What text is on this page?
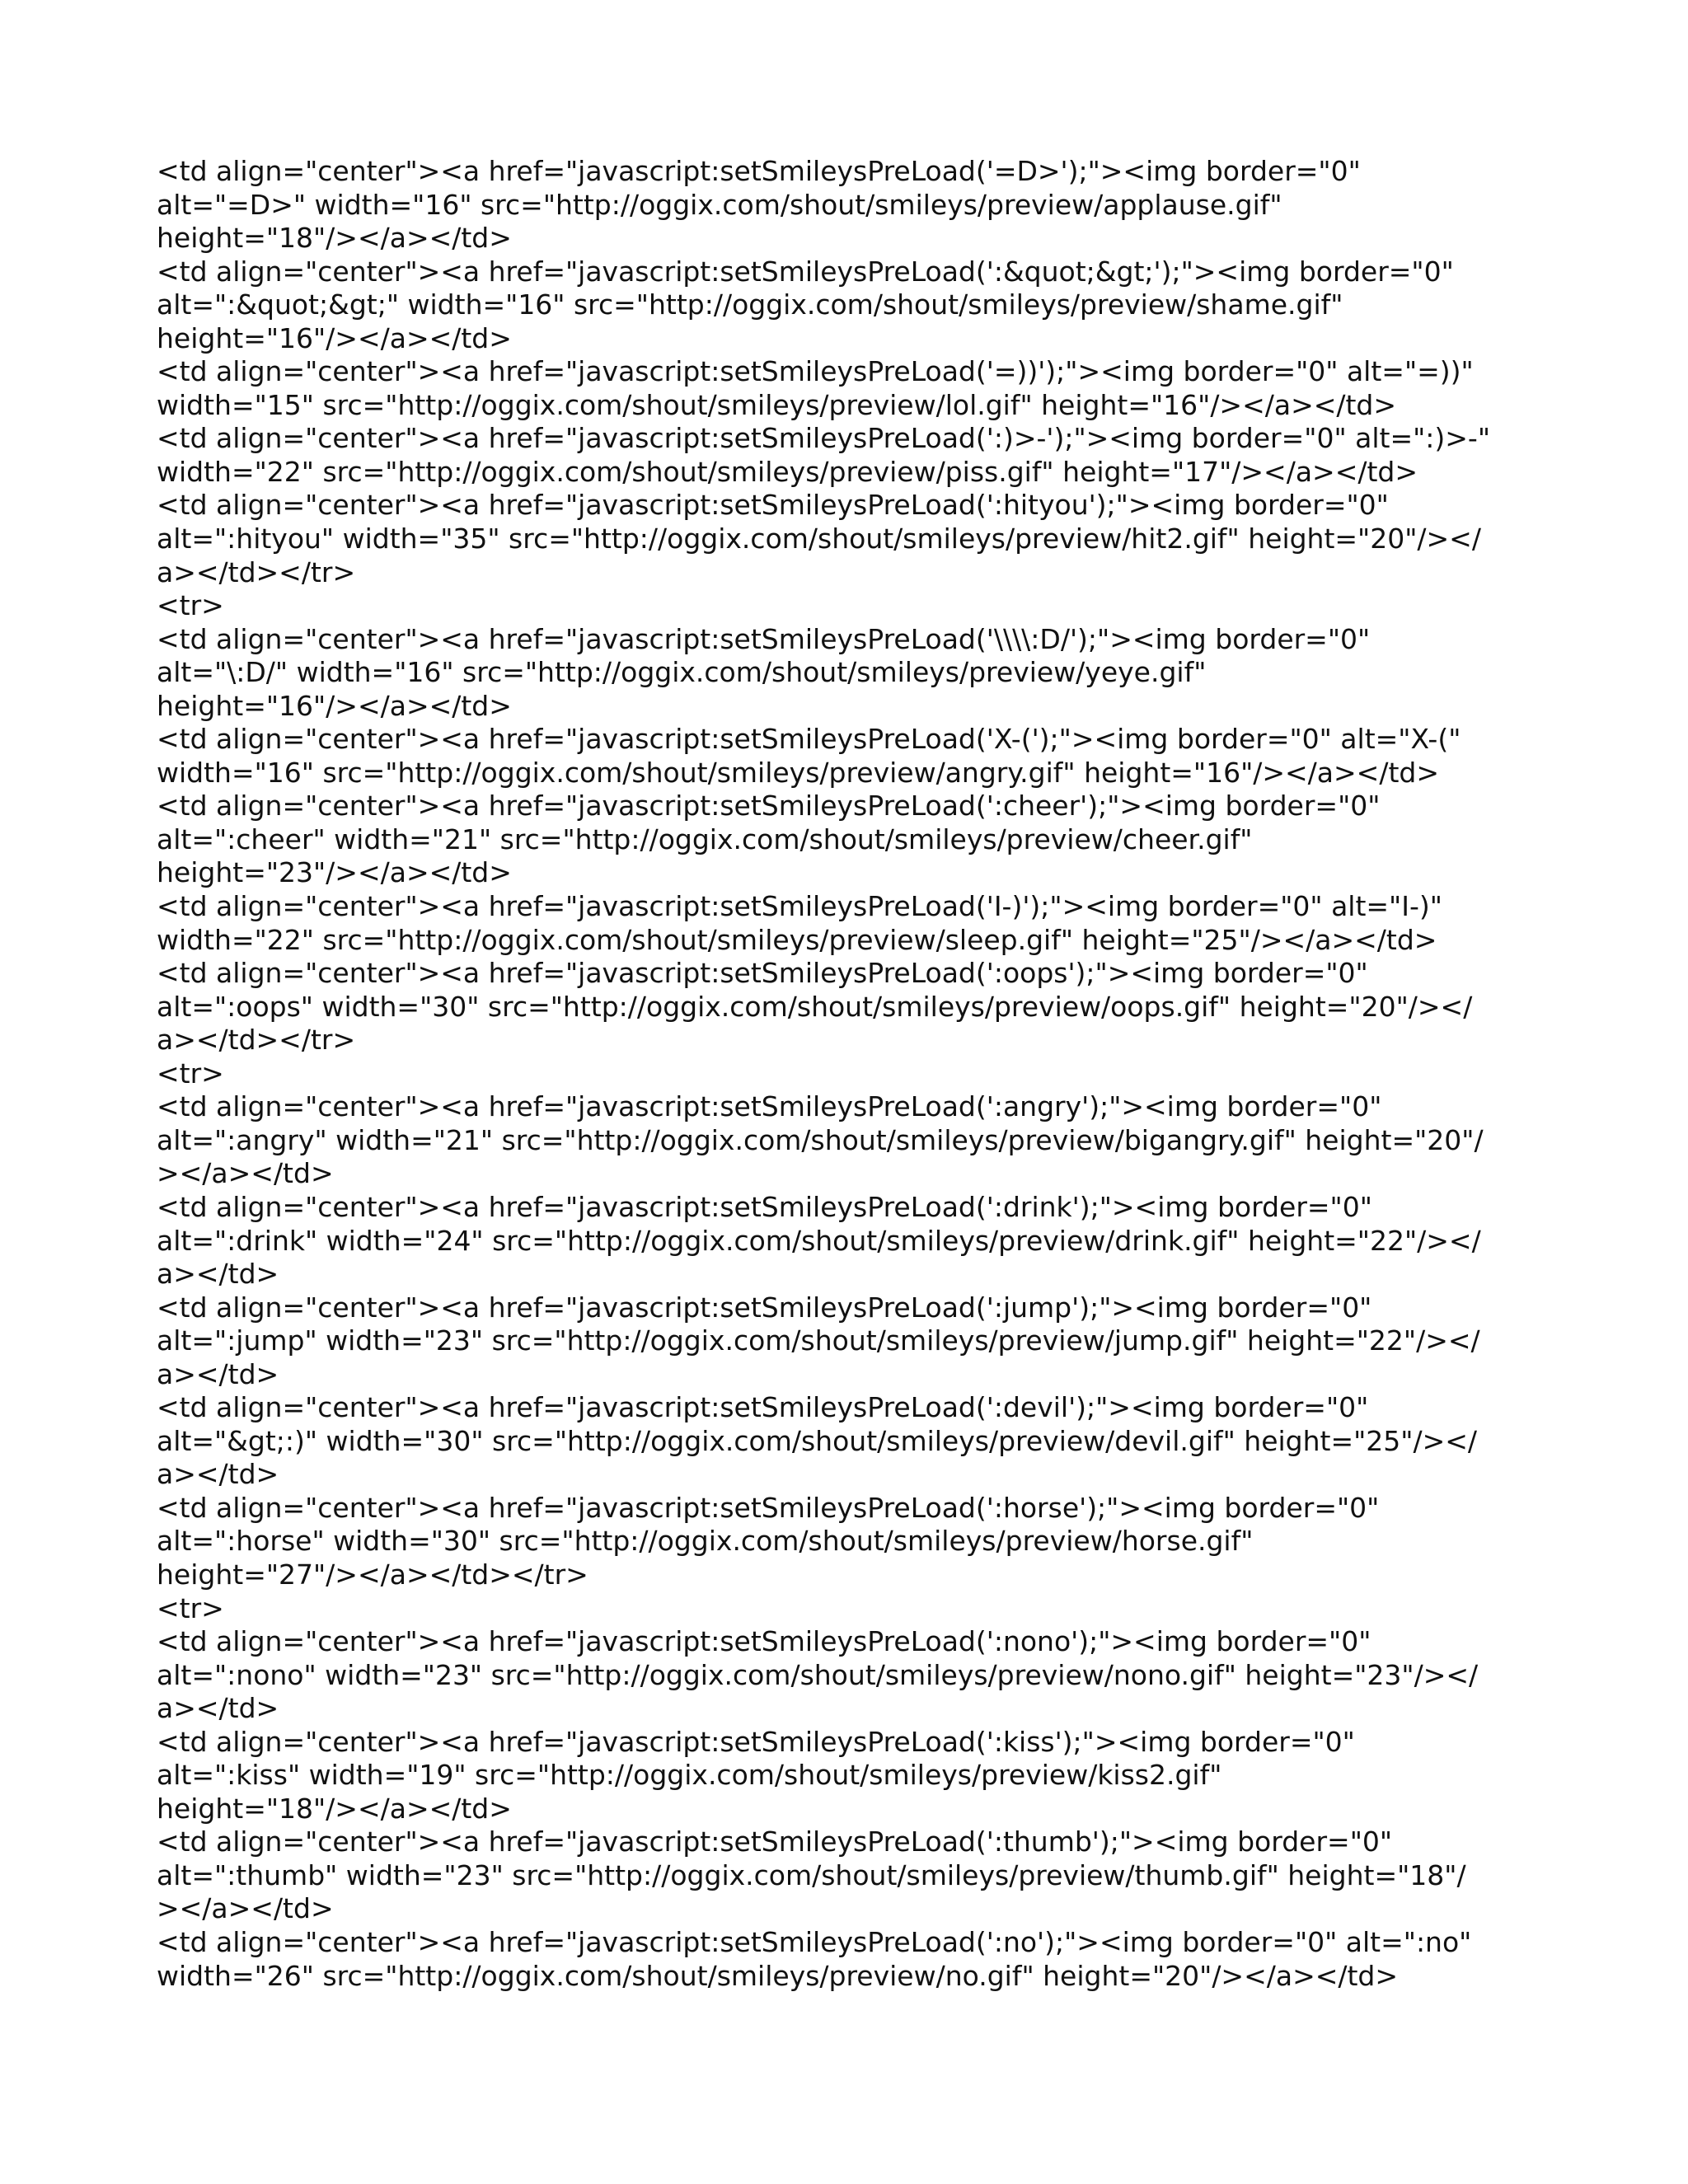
<td align="center"><a href="javascript:setSmileysPreLoad('=D>');"><img border="0"
alt="=D>" width="16" src="http://oggix.com/shout/smileys/preview/applause.gif"
height="18"/></a></td>
<td align="center"><a href="javascript:setSmileysPreLoad(':&quot;&gt;');"><img border="0"
alt=":&quot;&gt;" width="16" src="http://oggix.com/shout/smileys/preview/shame.gif"
height="16"/></a></td>
<td align="center"><a href="javascript:setSmileysPreLoad('=))');"><img border="0" alt="=))"
width="15" src="http://oggix.com/shout/smileys/preview/lol.gif" height="16"/></a></td>
<td align="center"><a href="javascript:setSmileysPreLoad(':)>-');"><img border="0" alt=":)>-"
width="22" src="http://oggix.com/shout/smileys/preview/piss.gif" height="17"/></a></td>
<td align="center"><a href="javascript:setSmileysPreLoad(':hityou');"><img border="0"
alt=":hityou" width="35" src="http://oggix.com/shout/smileys/preview/hit2.gif" height="20"/></
a></td></tr>
<tr>
<td align="center"><a href="javascript:setSmileysPreLoad('\\\\:D/');"><img border="0"
alt="\:D/" width="16" src="http://oggix.com/shout/smileys/preview/yeye.gif"
height="16"/></a></td>
<td align="center"><a href="javascript:setSmileysPreLoad('X-(');"><img border="0" alt="X-("
width="16" src="http://oggix.com/shout/smileys/preview/angry.gif" height="16"/></a></td>
<td align="center"><a href="javascript:setSmileysPreLoad(':cheer');"><img border="0"
alt=":cheer" width="21" src="http://oggix.com/shout/smileys/preview/cheer.gif"
height="23"/></a></td>
<td align="center"><a href="javascript:setSmileysPreLoad('I-)');"><img border="0" alt="I-)"
width="22" src="http://oggix.com/shout/smileys/preview/sleep.gif" height="25"/></a></td>
<td align="center"><a href="javascript:setSmileysPreLoad(':oops');"><img border="0"
alt=":oops" width="30" src="http://oggix.com/shout/smileys/preview/oops.gif" height="20"/></
a></td></tr>
<tr>
<td align="center"><a href="javascript:setSmileysPreLoad(':angry');"><img border="0"
alt=":angry" width="21" src="http://oggix.com/shout/smileys/preview/bigangry.gif" height="20"/
></a></td>
<td align="center"><a href="javascript:setSmileysPreLoad(':drink');"><img border="0"
alt=":drink" width="24" src="http://oggix.com/shout/smileys/preview/drink.gif" height="22"/></
a></td>
<td align="center"><a href="javascript:setSmileysPreLoad(':jump');"><img border="0"
alt=":jump" width="23" src="http://oggix.com/shout/smileys/preview/jump.gif" height="22"/></
a></td>
<td align="center"><a href="javascript:setSmileysPreLoad(':devil');"><img border="0"
alt="&gt;:)" width="30" src="http://oggix.com/shout/smileys/preview/devil.gif" height="25"/></
a></td>
<td align="center"><a href="javascript:setSmileysPreLoad(':horse');"><img border="0"
alt=":horse" width="30" src="http://oggix.com/shout/smileys/preview/horse.gif"
height="27"/></a></td></tr>
<tr>
<td align="center"><a href="javascript:setSmileysPreLoad(':nono');"><img border="0"
alt=":nono" width="23" src="http://oggix.com/shout/smileys/preview/nono.gif" height="23"/></
a></td>
<td align="center"><a href="javascript:setSmileysPreLoad(':kiss');"><img border="0"
alt=":kiss" width="19" src="http://oggix.com/shout/smileys/preview/kiss2.gif"
height="18"/></a></td>
<td align="center"><a href="javascript:setSmileysPreLoad(':thumb');"><img border="0"
alt=":thumb" width="23" src="http://oggix.com/shout/smileys/preview/thumb.gif" height="18"/
></a></td>
<td align="center"><a href="javascript:setSmileysPreLoad(':no');"><img border="0" alt=":no"
width="26" src="http://oggix.com/shout/smileys/preview/no.gif" height="20"/></a></td>
